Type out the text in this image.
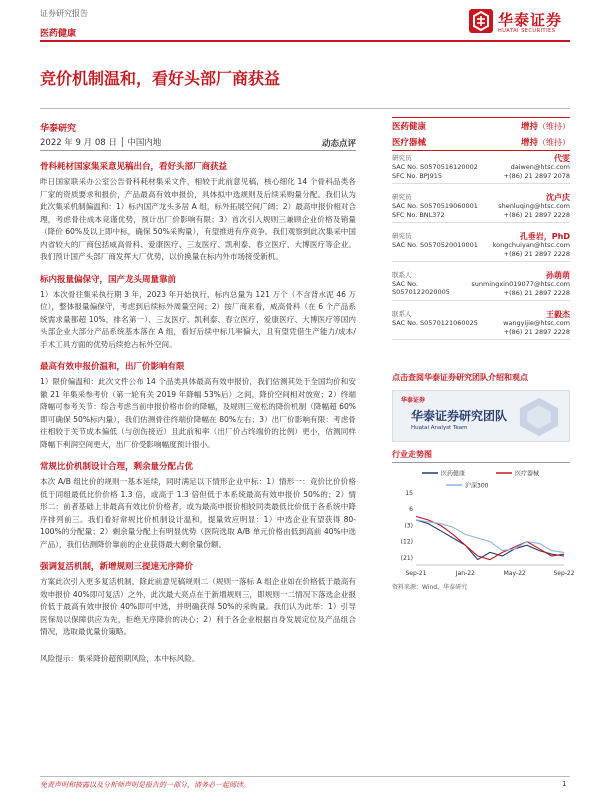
证券研究报告	华泰证券
HUATAI SECURITIES
医药健康
竞价机制温和，看好头部厂商获益
华泰研究
2022 年 9 月 08 日 │ 中国内地	动态点评
骨科耗材国家集采意见稿出台，看好头部厂商获益
昨日国家联采办公室公告骨科耗材集采文件，相较于此前意见稿，核心细化 14 个骨科品类各厂家的资质要求和报价，产品最高有效申报价，具体拟中选规则及后续采购量分配。我们认为此次集采机制偏温和：1）标内国产龙头多居 A 组，标外拓展空间广阔；2）最高申报价相对合理，考虑骨往成本竞谨优势，预计出厂价影响有限；3）首次引入规则三兼顾企业价格及销量（降价 60%及以上即中标，确保 50%采购量），有望推进有序竞争。我们观察到此次集采中国内省较大的厂商包括威高骨科、爱康医疗、三友医疗、凯利泰、春立医疗、大博医疗等企业。我们预计国产头部厂商发挥大厂优势，以价换量在标内外市场接受新机。
标内报量偏保守，国产龙头周量靠前
1）本次骨往集采执行期 3 年，2023 年开始执行，标内总量为 121 万个（不含背水泥 46 万位），整体报量偏保守，考虑到后续标外周量空间；2）按厂商来看，威高骨科（在 6 个产品系统需求量都超 10%，排名第一）、三友医疗、凯利泰、春立医疗、爱康医疗、大博医疗等国内头部企业大部分产品系统基本落在 A 组，看好后续中标几率偏大，且有望凭借生产能力/成本/手术工具方面的优势后续抢占标外空间。
最高有效申报价温和，出厂价影响有限
1）限价偏温和：此次文件公布 14 个品类具体最高有效申报价，我们估测其处于全国均价和安徽 21 年集采参考价（第一轮有关 2019 年降幅 53%后）之间，降价空间相对放宽；2）终端降幅可参考关节：综合考虑当前申报价格市价的降幅，及规则三宽松的降价机制（降幅超 60%即可确保 50%标内量），我们估测骨往终端价降幅在 80%左右；3）出厂价影响有限：考虑骨往相较于关节成本偏低（与创伤接近）且此前和率（出厂价占终端价的比例）更小，估测同样降幅下利润空间更大，出厂价受影响幅度预计很小。
常规比价机制设计合理，剩余量分配占优
本次 A/B 组比价的规则一基本延续，同时满足以下情形企业中标：1）情形一：竞价比价价格低于同组最低比价价格 1.3 倍，或高于 1.3 倍但低于本系统最高有效申报价 50%的；2）情形二：前者基础上非最高有效比价价格者，或为最高申报价相较同类最低比价低于各系统中降序排列前三。我们看好常规比价机制设计温和，提量效应明显：1）中选企业有望获得 80-100%的分配量；2）剩余量分配上有明显优势（医院选取 A/B 单元价格由低到高前 40%中选产品），我们估测降价靠前的企业获得最大剩余量份额。
强调复活机制，新增规则三提速无序降价
方案此次引入更多复活机制，除此前意见稿规则二（规则一落标 A 组企业如在价格低于最高有效申报价 40%即可复活）之外，此次最大亮点在于新增规则三，即规则一二情况下落选企业报价低于最高有效申报价 40%即可中选，并明确获得 50%的采购量。我们认为此举：1）引导医保局以保障供应为先，拒绝无序降价的决心；2）利于各企业根据自身发展定位及产品组合情况，选取最优量价策略。
风险提示：集采降价超预期风险，本中标风险。
医药健康	增持（维持）
医疗器械	增持（维持）
研究员	代雯
SAC No. S0570516120002	daiwen@htsc.com
SFC No. BPJ915	+(86) 21 2897 2078
研究员	沈卢庆
SAC No. S0570519060001	shenluqing@htsc.com
SFC No. BNL372	+(86) 21 2897 2228
研究员	孔垂岩，PhD
SAC No. S0570520010001 kongchuiyan@htsc.com
+(86) 21 2897 2228
联系人	孙萌萌
SAC No. S0570122020005
sunmingxin019077@htsc.com
+(86) 21 2897 2228
联系人	王毅杰
SAC No. S0570121060025	wangyijie@htsc.com
+(86) 21 2897 2228
点击查阅华泰证券研究团队介绍和观点
华泰证券
华泰证券研究团队
Huatai Analyst Team
行业走势图
医药健康	医疗器械
沪深300
15
6
(3)
(12)
(21)
Sep-21	Jan-22	May-22	Sep-22
资料来源：Wind，华泰研究
免责声明和披露以及分析师声明是报告的一部分，请务必一起阅读。	1
